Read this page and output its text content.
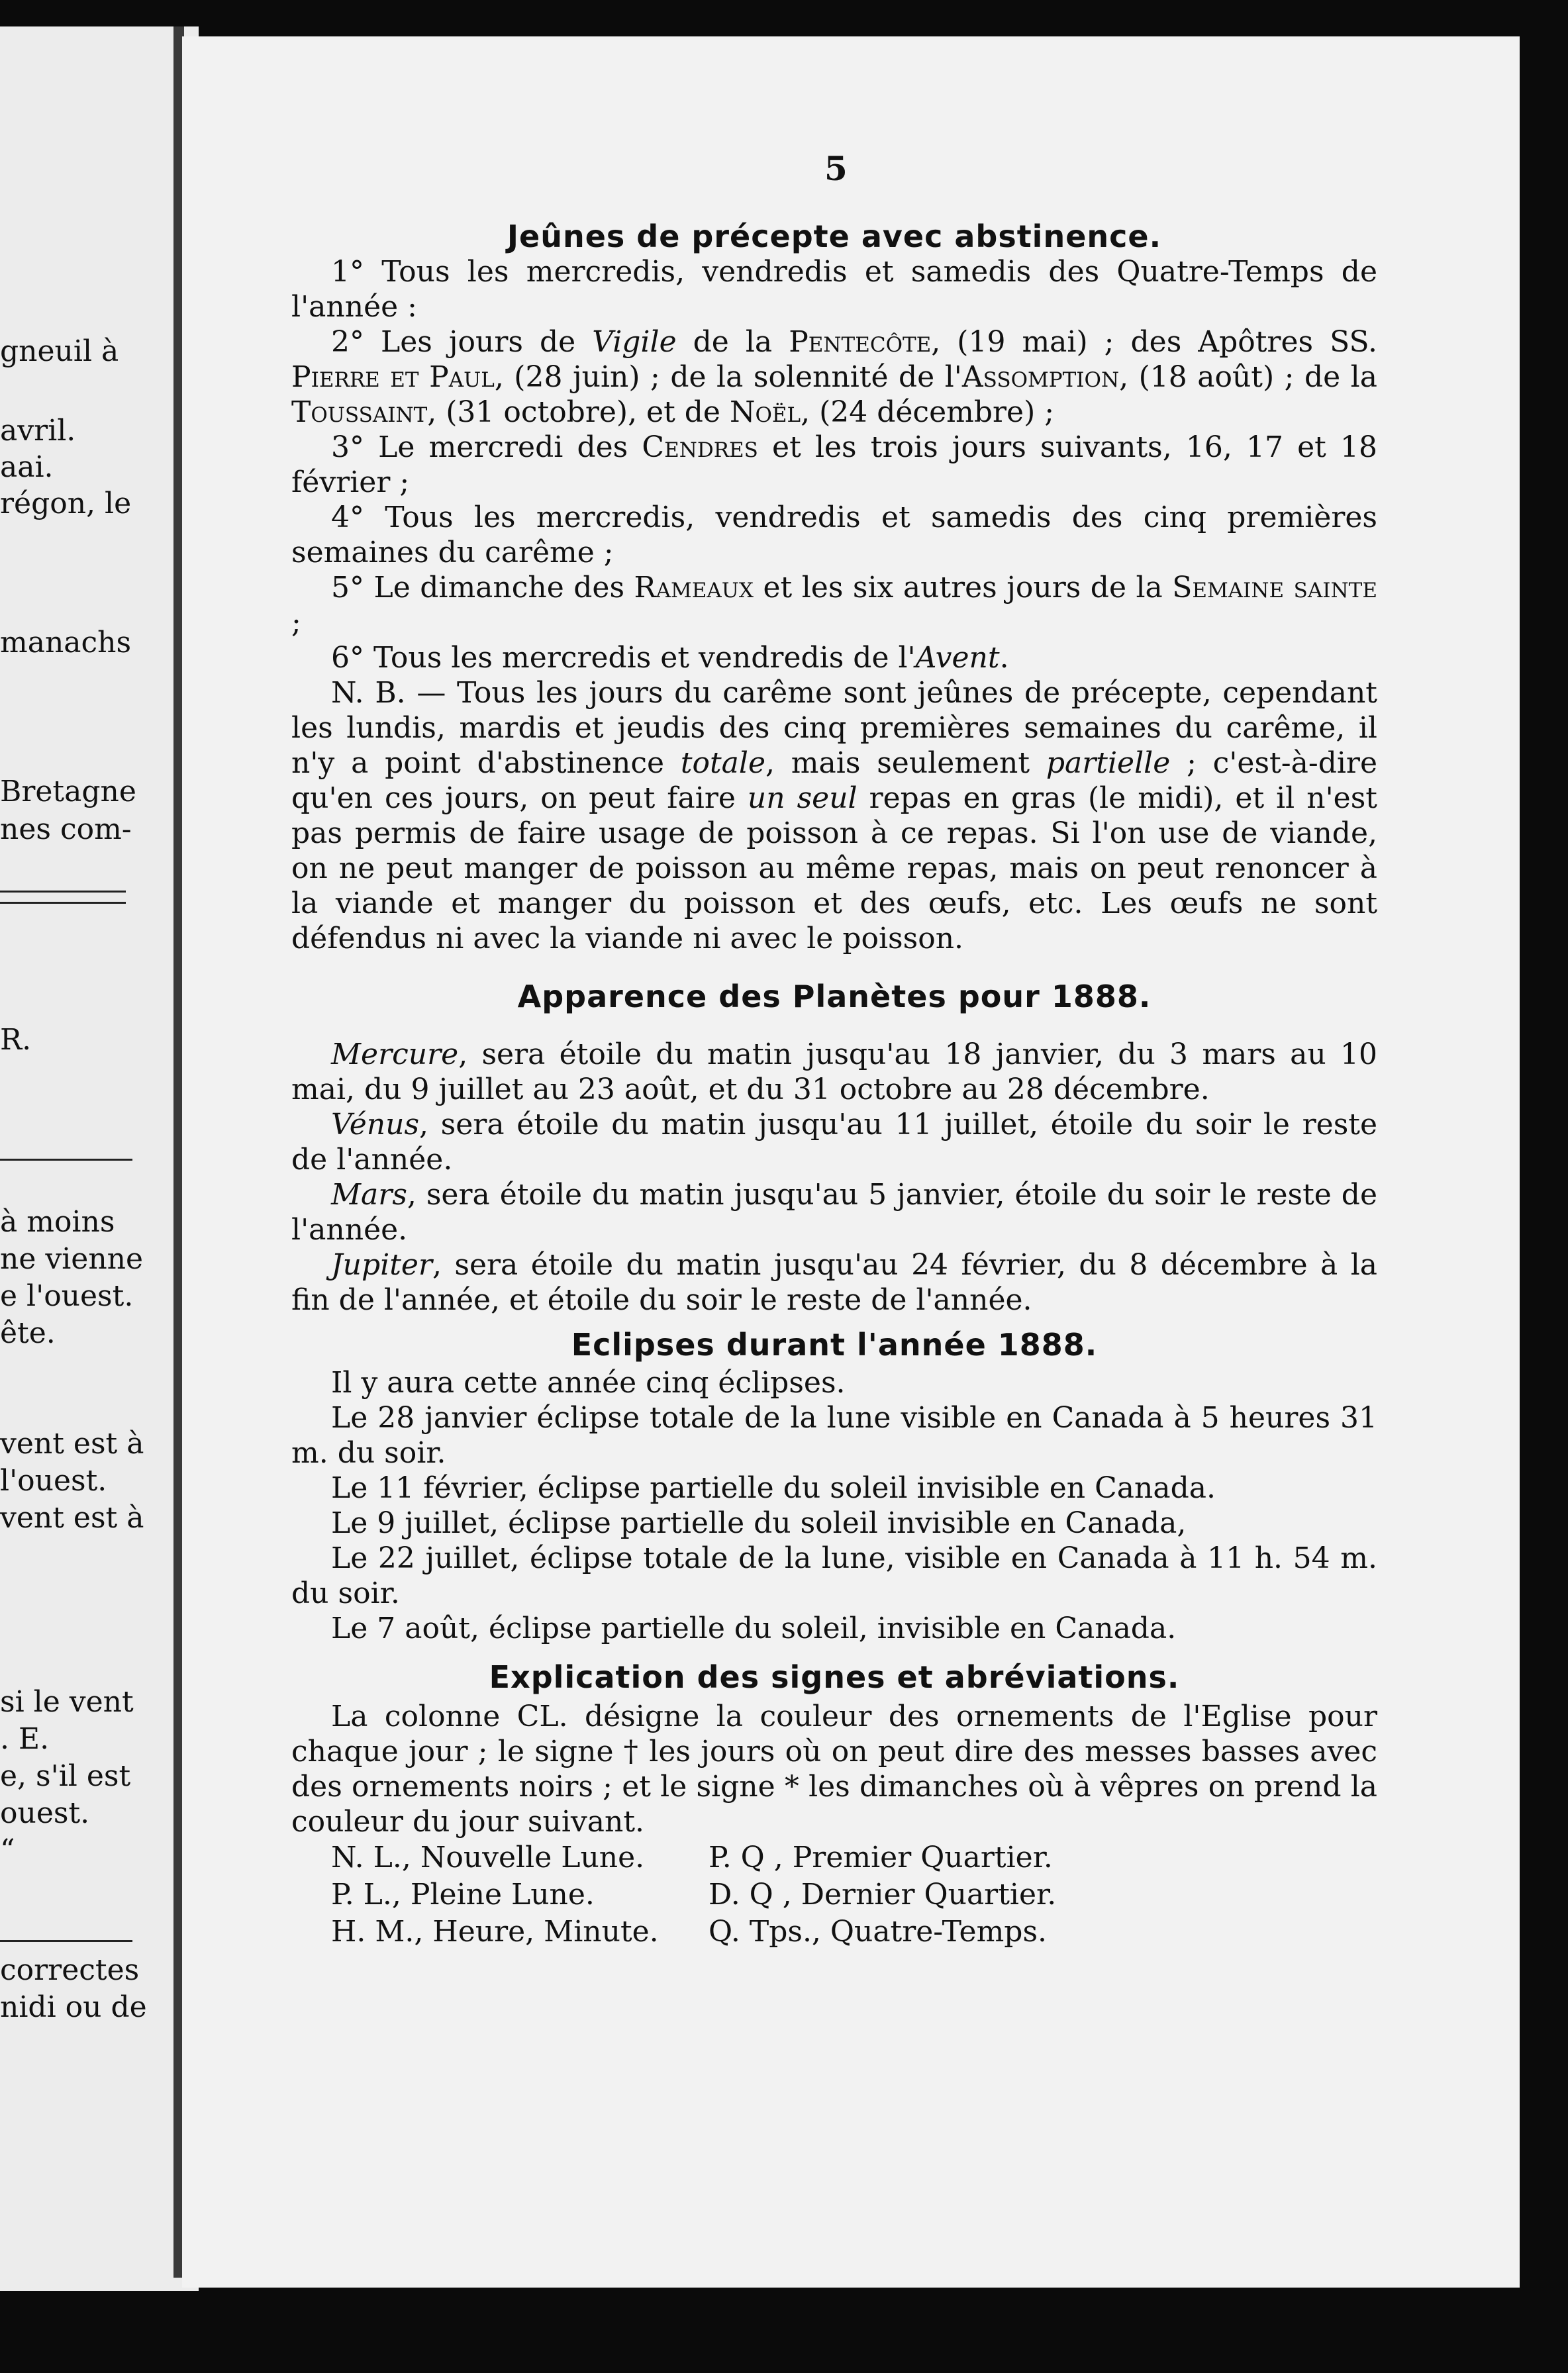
gneuil à
avril.
aai.
régon, le
manachs
Bretagne
nes com-
R.
à moins
ne vienne
e l'ouest.
ête.
vent est à
l'ouest.
vent est à
si le vent
. E.
e, s'il est
ouest.
“
correctes
nidi ou de
5
Jeûnes de précepte avec abstinence.

1° Tous les mercredis, vendredis et samedis des Quatre-Temps de l'année :

2° Les jours de Vigile de la Pentecôte, (19 mai) ; des Apôtres SS. Pierre et Paul, (28 juin) ; de la solennité de l'Assomption, (18 août) ; de la Toussaint, (31 octobre), et de Noël, (24 décembre) ;

3° Le mercredi des Cendres et les trois jours suivants, 16, 17 et 18 février ;

4° Tous les mercredis, vendredis et samedis des cinq premières semaines du carême ;

5° Le dimanche des Rameaux et les six autres jours de la Semaine sainte ;

6° Tous les mercredis et vendredis de l'Avent.

N. B. — Tous les jours du carême sont jeûnes de précepte, cependant les lundis, mardis et jeudis des cinq premières semaines du carême, il n'y a point d'abstinence totale, mais seulement partielle ; c'est-à-dire qu'en ces jours, on peut faire un seul repas en gras (le midi), et il n'est pas permis de faire usage de poisson à ce repas. Si l'on use de viande, on ne peut manger de poisson au même repas, mais on peut renoncer à la viande et manger du poisson et des œufs, etc. Les œufs ne sont défendus ni avec la viande ni avec le poisson.

Apparence des Planètes pour 1888.

Mercure, sera étoile du matin jusqu'au 18 janvier, du 3 mars au 10 mai, du 9 juillet au 23 août, et du 31 octobre au 28 décembre.

Vénus, sera étoile du matin jusqu'au 11 juillet, étoile du soir le reste de l'année.

Mars, sera étoile du matin jusqu'au 5 janvier, étoile du soir le reste de l'année.

Jupiter, sera étoile du matin jusqu'au 24 février, du 8 décembre à la fin de l'année, et étoile du soir le reste de l'année.

Eclipses durant l'année 1888.

Il y aura cette année cinq éclipses.

Le 28 janvier éclipse totale de la lune visible en Canada à 5 heures 31 m. du soir.

Le 11 février, éclipse partielle du soleil invisible en Canada.

Le 9 juillet, éclipse partielle du soleil invisible en Canada,

Le 22 juillet, éclipse totale de la lune, visible en Canada à 11 h. 54 m. du soir.

Le 7 août, éclipse partielle du soleil, invisible en Canada.

Explication des signes et abréviations.

La colonne CL. désigne la couleur des ornements de l'Eglise pour chaque jour ; le signe † les jours où on peut dire des messes basses avec des ornements noirs ; et le signe * les dimanches où à vêpres on prend la couleur du jour suivant.

N. L., Nouvelle Lune.	P. Q , Premier Quartier.
P. L., Pleine Lune.	D. Q , Dernier Quartier.
H. M., Heure, Minute.	Q. Tps., Quatre-Temps.
